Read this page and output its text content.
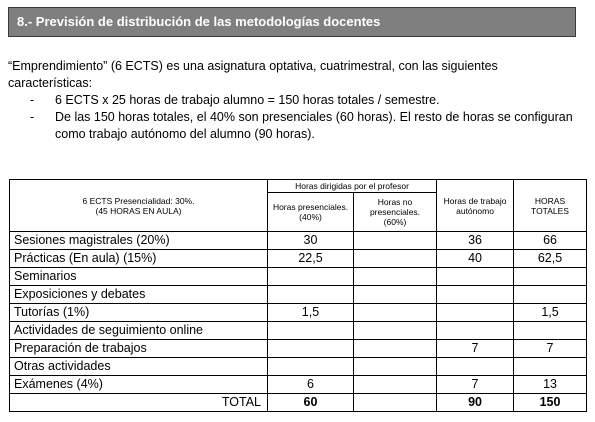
8.- Previsión de distribución de las metodologías docentes

“Emprendimiento” (6 ECTS) es una asignatura optativa, cuatrimestral, con las siguientes características:

- 6 ECTS x 25 horas de trabajo alumno = 150 horas totales / semestre.
- De las 150 horas totales, el 40% son presenciales (60 horas). El resto de horas se configuran como trabajo autónomo del alumno (90 horas).
6 ECTS Presencialidad: 30%.
(45 HORAS EN AULA)	Horas dirigidas por el profesor		Horas de trabajo autónomo	HORAS TOTALES
	Horas presenciales. (40%)	Horas no presenciales. (60%)		
Sesiones magistrales (20%)	30		36	66
Prácticas (En aula) (15%)	22,5		40	62,5
Seminarios				
Exposiciones y debates				
Tutorías (1%)	1,5			1,5
Actividades de seguimiento online				
Preparación de trabajos			7	7
Otras actividades				
Exámenes (4%)	6		7	13
TOTAL	60		90	150
